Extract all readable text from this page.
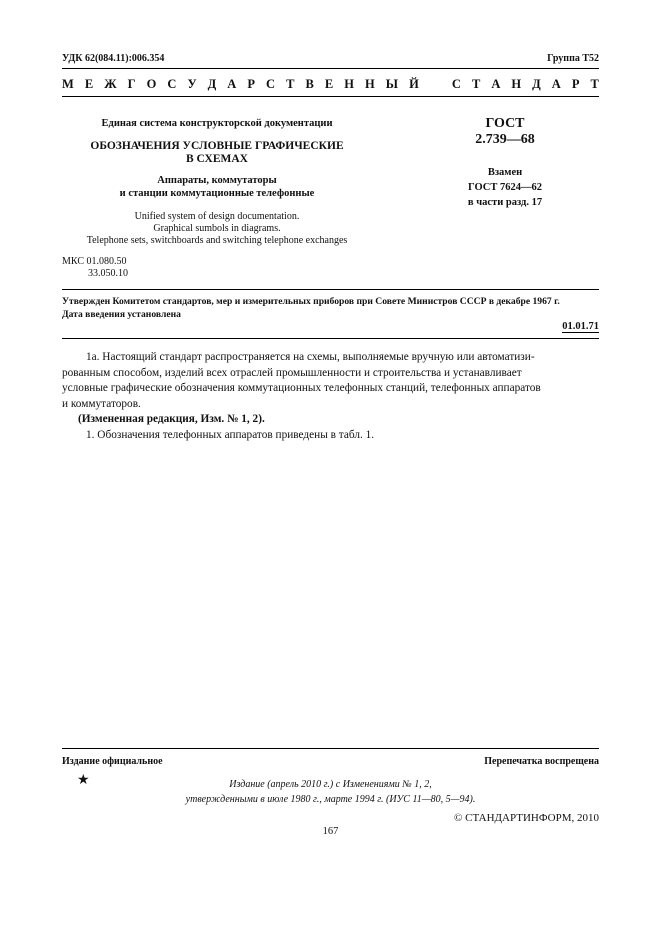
УДК 62(084.11):006.354	Группа Т52
М Е Ж Г О С У Д А Р С Т В Е Н Н Ы Й	С Т А Н Д А Р Т
Единая система конструкторской документации
ОБОЗНАЧЕНИЯ УСЛОВНЫЕ ГРАФИЧЕСКИЕ
В СХЕМАХ
Аппараты, коммутаторы
и станции коммутационные телефонные
Unified system of design documentation.
Graphical sumbols in diagrams.
Telephone sets, switchboards and switching telephone exchanges
ГОСТ
2.739—68
Взамен
ГОСТ 7624—62
в части разд. 17
МКС 01.080.50
33.050.10
Утвержден Комитетом стандартов, мер и измерительных приборов при Совете Министров СССР в декабре 1967 г.
Дата введения установлена
01.01.71
1а. Настоящий стандарт распространяется на схемы, выполняемые вручную или автоматизи-
рованным способом, изделий всех отраслей промышленности и строительства и устанавливает
условные графические обозначения коммутационных телефонных станций, телефонных аппаратов
и коммутаторов.
(Измененная редакция, Изм. № 1, 2).
1. Обозначения телефонных аппаратов приведены в табл. 1.
Издание официальное	Перепечатка воспрещена
★	Издание (апрель 2010 г.) с Изменениями № 1, 2,
утвержденными в июле 1980 г., марте 1994 г. (ИУС 11—80, 5—94).
© СТАНДАРТИНФОРМ, 2010
167
